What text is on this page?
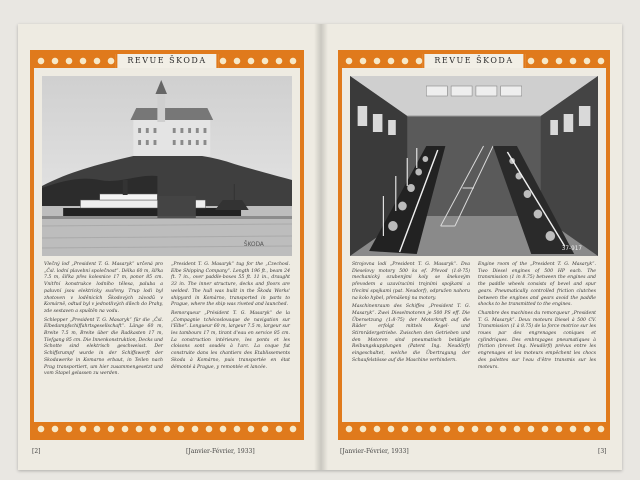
REVUE ŠKODA
ŠKODA

Vlečný loď „President T. G. Masaryk“ určená pro „Čsl. lodní plavební společnost“. Délka 60 m, šířka 7.5 m, šířka přes kolesnice 17 m, ponor 85 cm. Vnitřní konstrukce lodního tělesa, paluba a paluvní jsou elektricky svařeny. Trup lodi byl zhotoven v loděnicích Škodových závodů v Komárně, odtud byl v jednotlivých dílech do Prahy, zde sestaven a spuštěn na vodu.

Schlepper „President T. G. Masaryk“ für die „Čsl. Elbedampfschiffahrtsgesellschaft“. Länge 60 m, Breite 7.5 m, Breite über die Radkasten 17 m, Tiefgang 85 cm. Die Innenkonstruktion, Decks und Schotte sind elektrisch geschweisst. Der Schiffsrumpf wurde in der Schiffswerft der Skodawerke in Komarno erbaut, in Teilen nach Prag transportiert, um hier zusammengesetzt und vom Stapel gelassen zu werden.

„President T. G. Masaryk“ tug for the „Czechosl. Elbe Shipping Company“. Length 196 ft., beam 24 ft. 7 in., over paddle-boxes 55 ft. 11 in., draught 33 in. The inner structure, decks and floors are welded. The hull was built in the Škoda Works' shipyard in Komárno, transported in parts to Prague, where the ship was riveted and launched.

Remorqueur „Président T. G. Masaryk“ de la „Compagnie tchécoslovaque de navigation sur l'Elbe“. Longueur 60 m, largeur 7.5 m, largeur sur les tambours 17 m, tirant d'eau en service 85 cm. La construction intérieure, les ponts et les cloisons sont soudés à l'arc. La coque fut construite dans les chantiers des Etablissements Skoda à Komárno, puis transportée en état démonté à Prague, y remontée et lancée.

[2]	[Janvier-Février, 1933]
REVUE ŠKODA
37-917

Strojovna lodi „President T. G. Masaryk“. Dva Dieselovy motory 500 ks ef. Převod (1:8·75) mechanický ozubenými koly se šnekovým převodem a uzavíracími trojními spojkami a třecími spojkami (pat. Neudorf), odpružen nahoru na kolo hybel, přenášený na motory.

Maschinenraum des Schiffes „President T. G. Masaryk“. Zwei Dieselmotoren je 500 PS eff. Die Übersetzung (1:8·75) der Motorkraft auf die Räder erfolgt mittels Kegel- und Stirnrädergetriebe. Zwischen den Getrieben und den Motoren sind pneumatisch betätigte Reibungskupplungen (Patent Ing. Neudörfl) eingeschaltet, welche die Übertragung der Schaufelstösse auf die Maschine verhindern.

Engine room of the „President T. G. Masaryk“. Two Diesel engines of 500 HP each. The transmission (1 in 8.75) between the engines and the paddle wheels consists of bevel and spur gears. Pneumatically controlled friction clutches between the engines and gears avoid the paddle shocks to be transmitted to the engines.

Chambre des machines du remorqueur „President T. G. Masaryk“. Deux moteurs Diesel à 500 CV. Transmission (1 à 8.75) de la force motrice sur les roues par des engrenages coniques et cylindriques. Des embrayages pneumatiques à friction (brevet Ing. Neudörfl) prévus entre les engrenages et les moteurs empêchent les chocs des palettes sur l'eau d'être transmis sur les moteurs.

[Janvier-Février, 1933]	[3]
